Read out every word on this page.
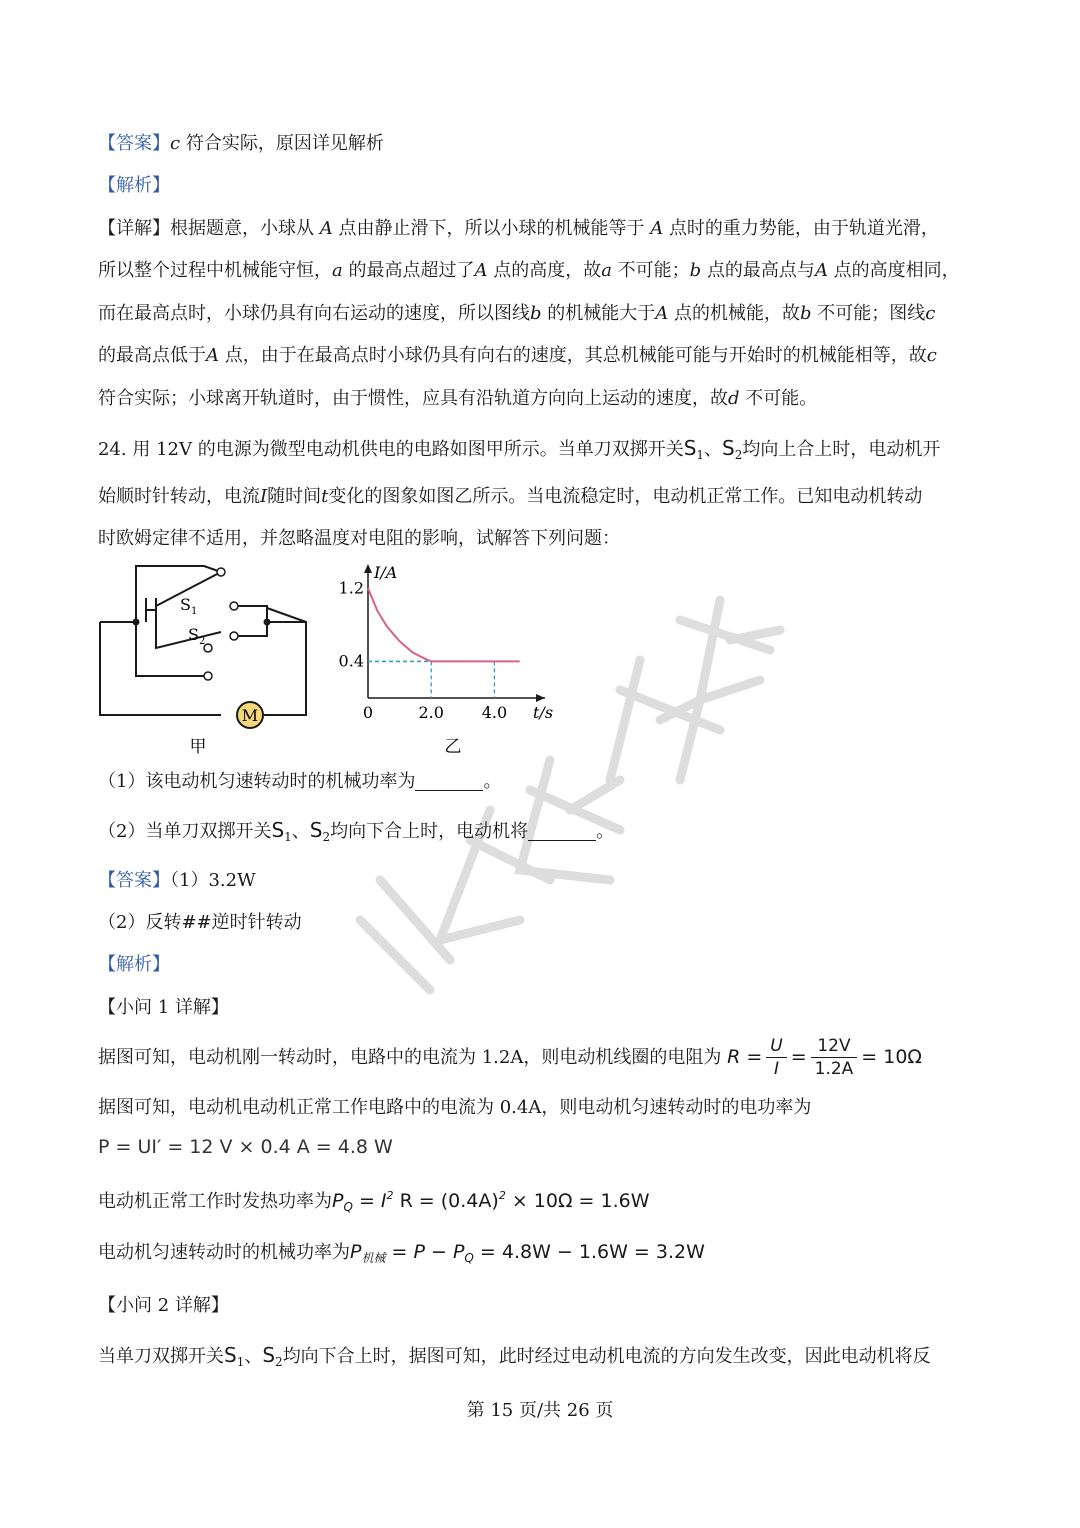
【答案】c 符合实际，原因详见解析
【解析】
【详解】根据题意，小球从 A 点由静止滑下，所以小球的机械能等于 A 点时的重力势能，由于轨道光滑，
所以整个过程中机械能守恒，a 的最高点超过了A 点的高度，故a 不可能；b 点的最高点与A 点的高度相同，
而在最高点时，小球仍具有向右运动的速度，所以图线b 的机械能大于A 点的机械能，故b 不可能；图线c
的最高点低于A 点，由于在最高点时小球仍具有向右的速度，其总机械能可能与开始时的机械能相等，故c
符合实际；小球离开轨道时，由于惯性，应具有沿轨道方向向上运动的速度，故d 不可能。
24. 用 12V 的电源为微型电动机供电的电路如图甲所示。当单刀双掷开关$S_1$、$S_2$均向上合上时，电动机开
始顺时针转动，电流I随时间t变化的图象如图乙所示。当电流稳定时，电动机正常工作。已知电动机转动
时欧姆定律不适用，并忽略温度对电阻的影响，试解答下列问题：
M
$S_1$
$S_2$
甲
I/A
t/s
0	2.0 4.0
0.4
1.2
乙
（1）该电动机匀速转动时的机械功率为	。
（2）当单刀双掷开关$S_1$、$S_2$均向下合上时，电动机将	。
【答案】（1）3.2W
（2）反转##逆时针转动
【解析】
【小问 1 详解】
据图可知，电动机刚一转动时，电路中的电流为 1.2A，则电动机线圈的电阻为 $R = \frac{U}{I} = \frac{12V}{1.2A} = 10\Omega$
据图可知，电动机电动机正常工作电路中的电流为 0.4A，则电动机匀速转动时的电功率为
P = UI′ = 12 V × 0.4 A = 4.8 W
电动机正常工作时发热功率为$P_Q = I^2$ $R = (0.4A)^2 \times 10\Omega = 1.6W$
电动机匀速转动时的机械功率为$P_{机械} = P - P_Q = 4.8W - 1.6W = 3.2W$
【小问 2 详解】
当单刀双掷开关$S_1$、$S_2$均向下合上时，据图可知，此时经过电动机电流的方向发生改变，因此电动机将反
第 15 页/共 26 页
